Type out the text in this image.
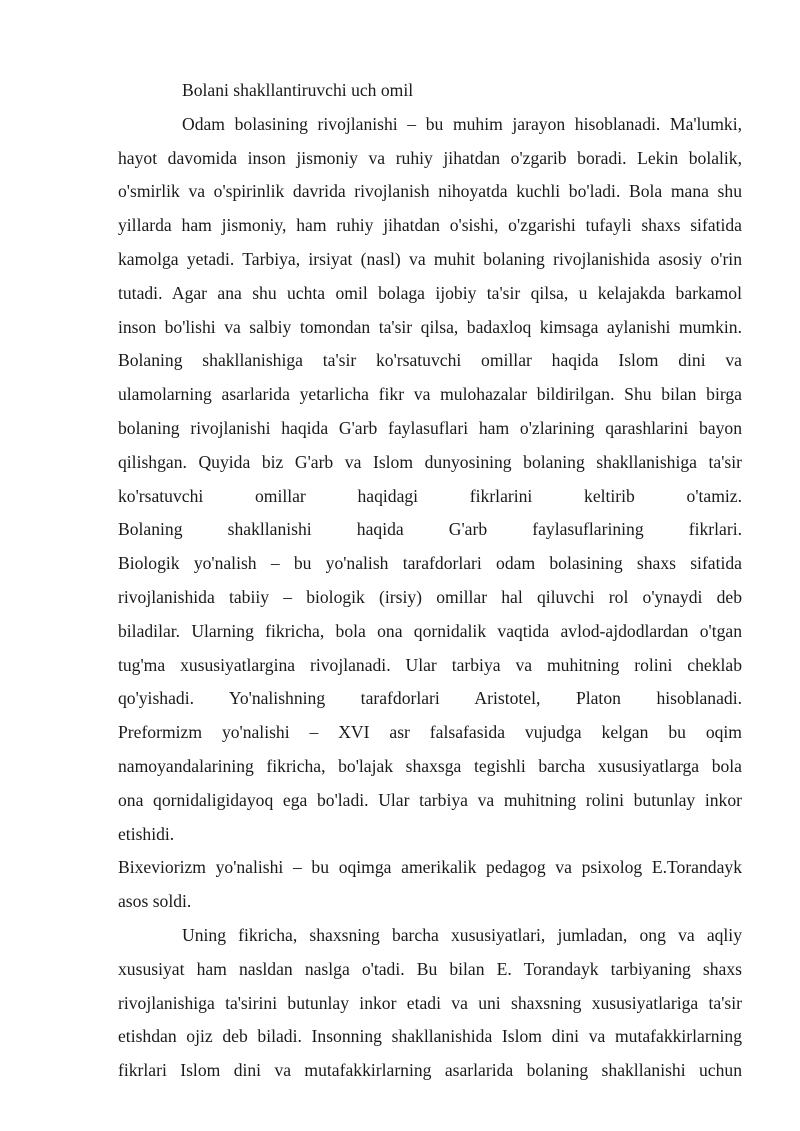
Bolani shakllantiruvchi uch omil
Odam bolasining rivojlanishi – bu muhim jarayon hisoblanadi. Ma'lumki,
hayot davomida inson jismoniy va ruhiy jihatdan o'zgarib boradi. Lekin bolalik,
o'smirlik va o'spirinlik davrida rivojlanish nihoyatda kuchli bo'ladi. Bola mana shu
yillarda ham jismoniy, ham ruhiy jihatdan o'sishi, o'zgarishi tufayli shaxs sifatida
kamolga yetadi. Tarbiya, irsiyat (nasl) va muhit bolaning rivojlanishida asosiy o'rin
tutadi. Agar ana shu uchta omil bolaga ijobiy ta'sir qilsa, u kelajakda barkamol
inson bo'lishi va salbiy tomondan ta'sir qilsa, badaxloq kimsaga aylanishi mumkin.
Bolaning shakllanishiga ta'sir ko'rsatuvchi omillar haqida Islom dini va
ulamolarning asarlarida yetarlicha fikr va mulohazalar bildirilgan. Shu bilan birga
bolaning rivojlanishi haqida G'arb faylasuflari ham o'zlarining qarashlarini bayon
qilishgan. Quyida biz G'arb va Islom dunyosining bolaning shakllanishiga ta'sir
ko'rsatuvchi omillar haqidagi fikrlarini keltirib o'tamiz.
Bolaning shakllanishi haqida G'arb faylasuflarining fikrlari.
Biologik yo'nalish – bu yo'nalish tarafdorlari odam bolasining shaxs sifatida
rivojlanishida tabiiy – biologik (irsiy) omillar hal qiluvchi rol o'ynaydi deb
biladilar. Ularning fikricha, bola ona qornidalik vaqtida avlod-ajdodlardan o'tgan
tug'ma xususiyatlargina rivojlanadi. Ular tarbiya va muhitning rolini cheklab
qo'yishadi. Yo'nalishning tarafdorlari Aristotel, Platon hisoblanadi.
Preformizm yo'nalishi – XVI asr falsafasida vujudga kelgan bu oqim
namoyandalarining fikricha, bo'lajak shaxsga tegishli barcha xususiyatlarga bola
ona qornidaligidayoq ega bo'ladi. Ular tarbiya va muhitning rolini butunlay inkor
etishidi.
Bixeviorizm yo'nalishi – bu oqimga amerikalik pedagog va psixolog E.Torandayk
asos soldi.
Uning fikricha, shaxsning barcha xususiyatlari, jumladan, ong va aqliy
xususiyat ham nasldan naslga o'tadi. Bu bilan E. Torandayk tarbiyaning shaxs
rivojlanishiga ta'sirini butunlay inkor etadi va uni shaxsning xususiyatlariga ta'sir
etishdan ojiz deb biladi. Insonning shakllanishida Islom dini va mutafakkirlarning
fikrlari Islom dini va mutafakkirlarning asarlarida bolaning shakllanishi uchun
